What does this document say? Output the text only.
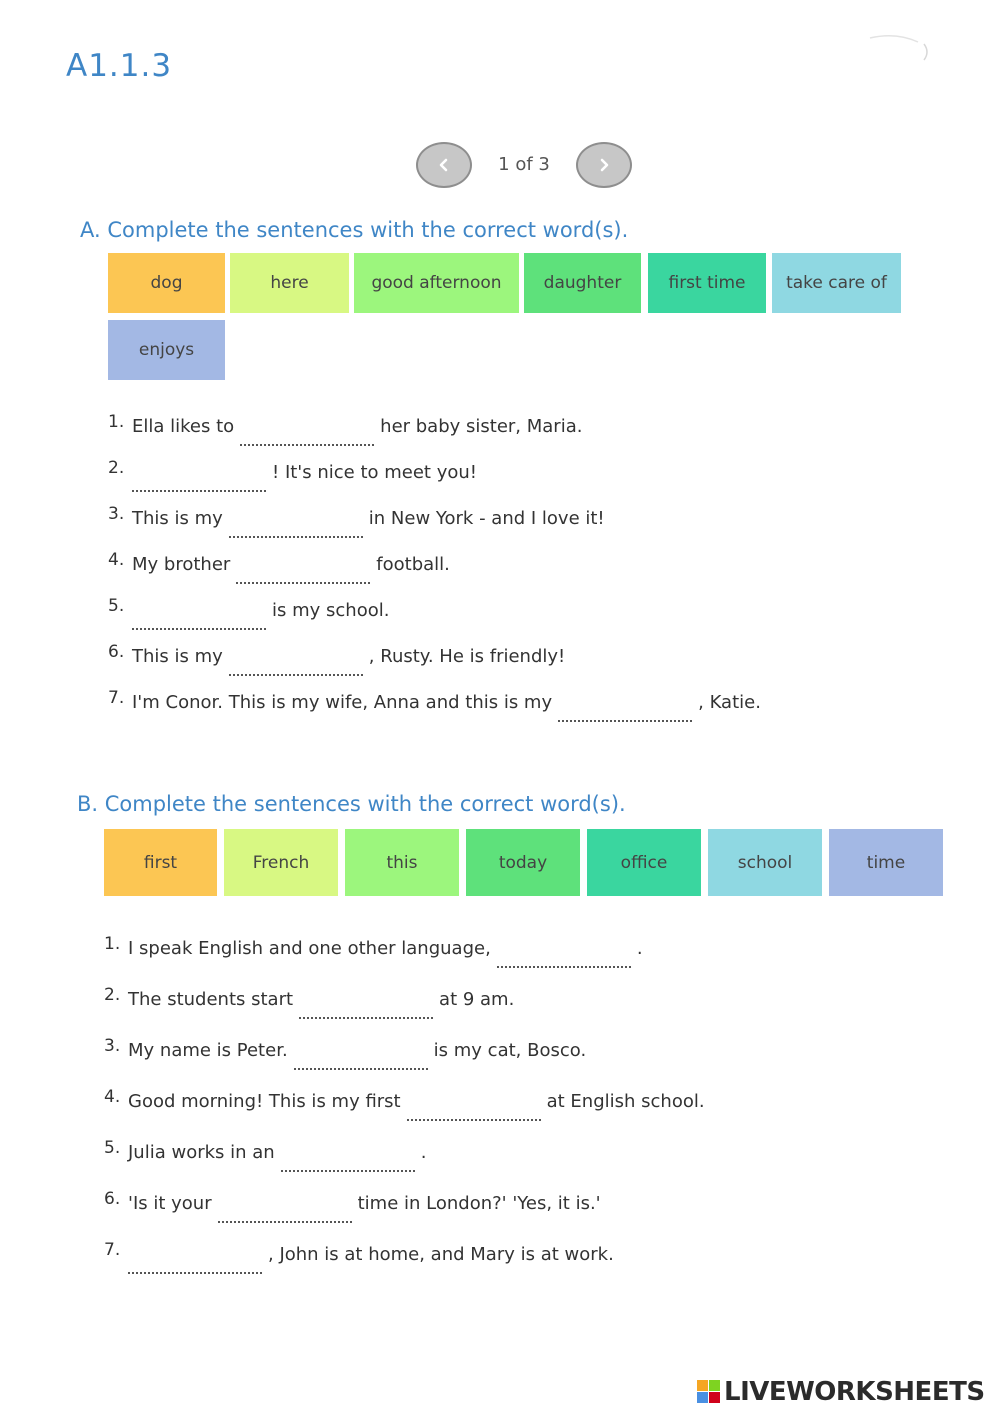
A1.1.3
1 of 3
A. Complete the sentences with the correct word(s).
dog	here	good afternoon	daughter	first time	take care of
enjoys
1. Ella likes to	her baby sister, Maria.
2.	! It's nice to meet you!
3. This is my	in New York - and I love it!
4. My brother	football.
5.	is my school.
6. This is my	, Rusty. He is friendly!
7. I'm Conor. This is my wife, Anna and this is my	, Katie.
B. Complete the sentences with the correct word(s).
first	French	this	today	office	school	time
1. I speak English and one other language,	.
2. The students start	at 9 am.
3. My name is Peter.	is my cat, Bosco.
4. Good morning! This is my first	at English school.
5. Julia works in an	.
6. 'Is it your	time in London?' 'Yes, it is.'
7.	, John is at home, and Mary is at work.
LIVEWORKSHEETS
